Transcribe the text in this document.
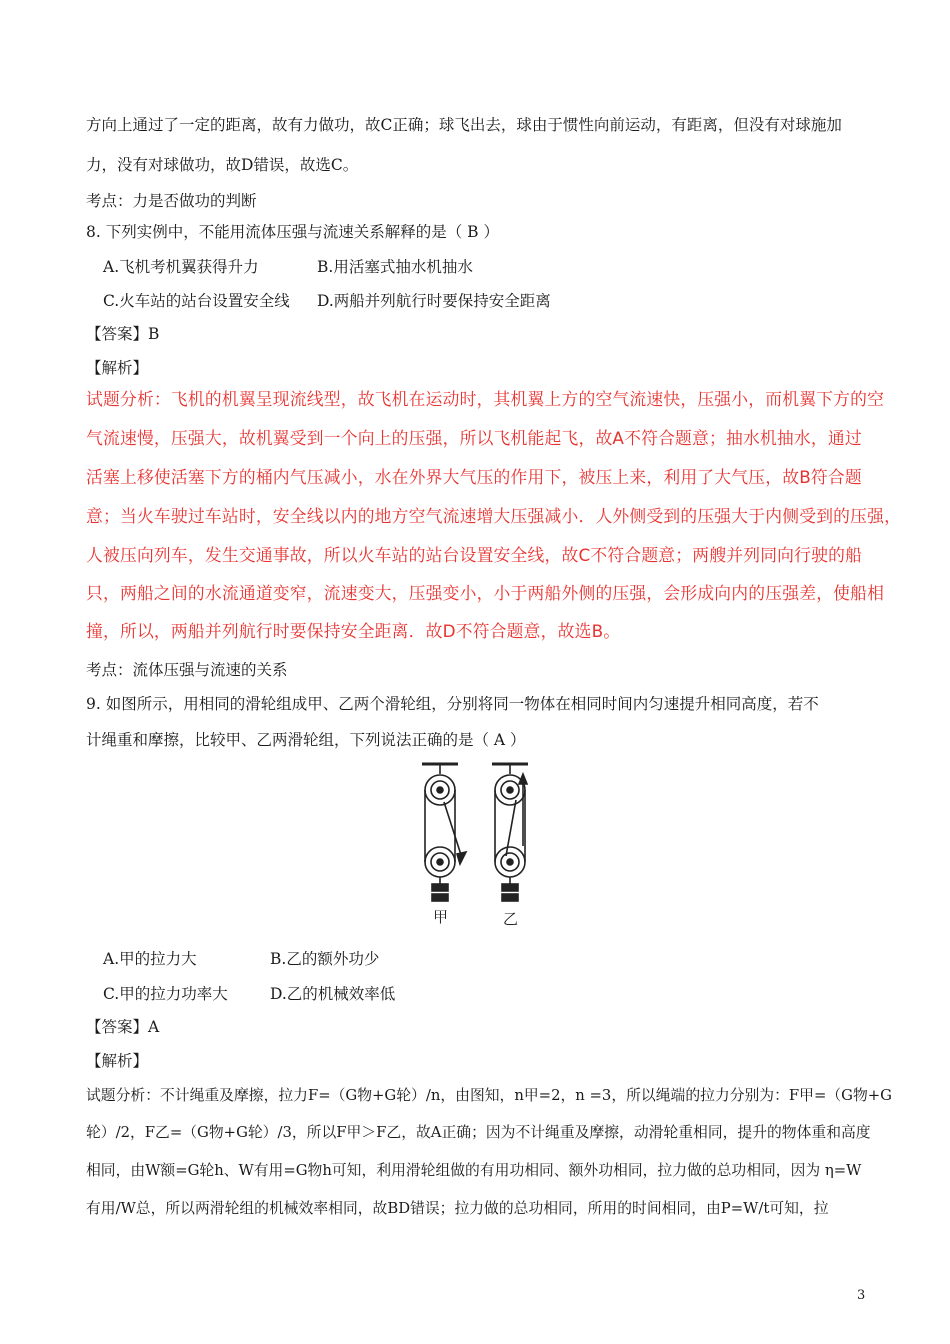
方向上通过了一定的距离，故有力做功，故C正确；球飞出去，球由于惯性向前运动，有距离，但没有对球施加
力，没有对球做功，故D错误，故选C。
考点：力是否做功的判断
8. 下列实例中，不能用流体压强与流速关系解释的是（ B ）
A.飞机考机翼获得升力	B.用活塞式抽水机抽水
C.火车站的站台设置安全线 D.两船并列航行时要保持安全距离
【答案】B
【解析】
试题分析：飞机的机翼呈现流线型，故飞机在运动时，其机翼上方的空气流速快，压强小，而机翼下方的空
气流速慢，压强大，故机翼受到一个向上的压强，所以飞机能起飞，故A不符合题意；抽水机抽水，通过
活塞上移使活塞下方的桶内气压减小，水在外界大气压的作用下，被压上来，利用了大气压，故B符合题
意；当火车驶过车站时，安全线以内的地方空气流速增大压强减小．人外侧受到的压强大于内侧受到的压强，
人被压向列车，发生交通事故，所以火车站的站台设置安全线，故C不符合题意；两艘并列同向行驶的船
只，两船之间的水流通道变窄，流速变大，压强变小，小于两船外侧的压强，会形成向内的压强差，使船相
撞，所以，两船并列航行时要保持安全距离．故D不符合题意，故选B。
考点：流体压强与流速的关系
9. 如图所示，用相同的滑轮组成甲、乙两个滑轮组，分别将同一物体在相同时间内匀速提升相同高度，若不
计绳重和摩擦，比较甲、乙两滑轮组，下列说法正确的是（ A ）
甲	乙
A.甲的拉力大	B.乙的额外功少
C.甲的拉力功率大	D.乙的机械效率低
【答案】A
【解析】
试题分析：不计绳重及摩擦，拉力F=（G物+G轮）/n，由图知，n甲=2，n =3，所以绳端的拉力分别为：F甲=（G物+G
轮）/2，F乙=（G物+G轮）/3，所以F甲＞F乙，故A正确；因为不计绳重及摩擦，动滑轮重相同，提升的物体重和高度
相同，由W额=G轮h、W有用=G物h可知，利用滑轮组做的有用功相同、额外功相同，拉力做的总功相同，因为 η=W
有用/W总，所以两滑轮组的机械效率相同，故BD错误；拉力做的总功相同，所用的时间相同，由P=W/t可知，拉
3
